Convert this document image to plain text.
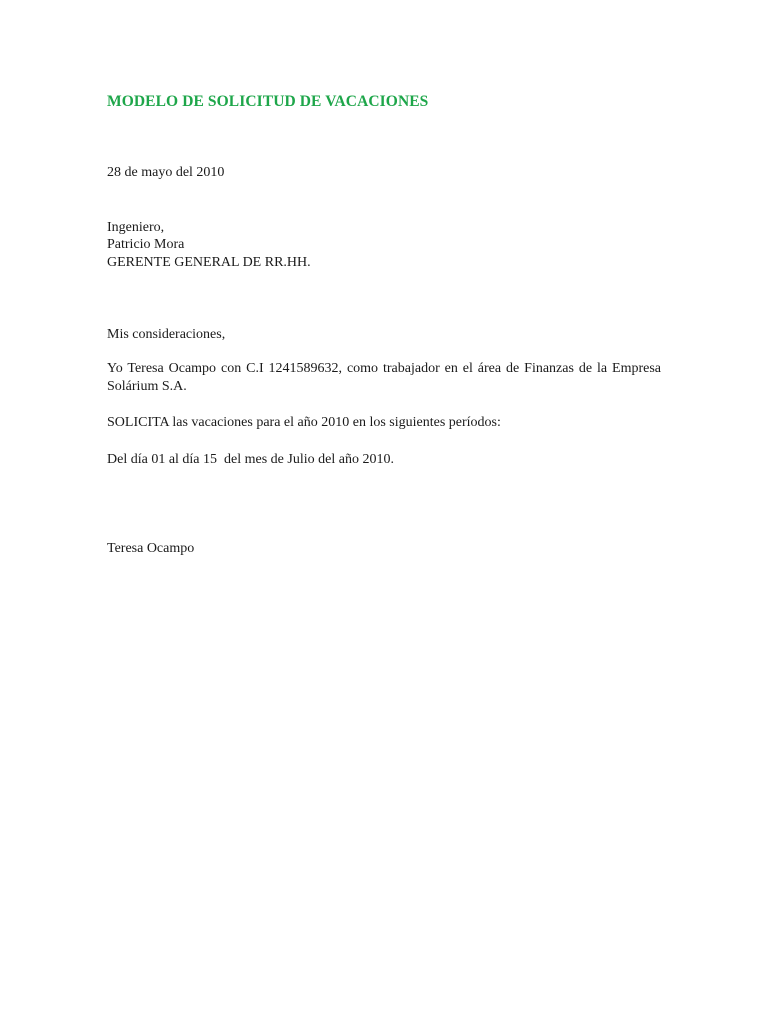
MODELO DE SOLICITUD DE VACACIONES

28 de mayo del 2010

Ingeniero,

Patricio Mora

GERENTE GENERAL DE RR.HH.

Mis consideraciones,

Yo Teresa Ocampo con C.I 1241589632, como trabajador en el área de Finanzas de la Empresa Solárium S.A.

SOLICITA las vacaciones para el año 2010 en los siguientes períodos:

Del día 01 al día 15  del mes de Julio del año 2010.

Teresa Ocampo
